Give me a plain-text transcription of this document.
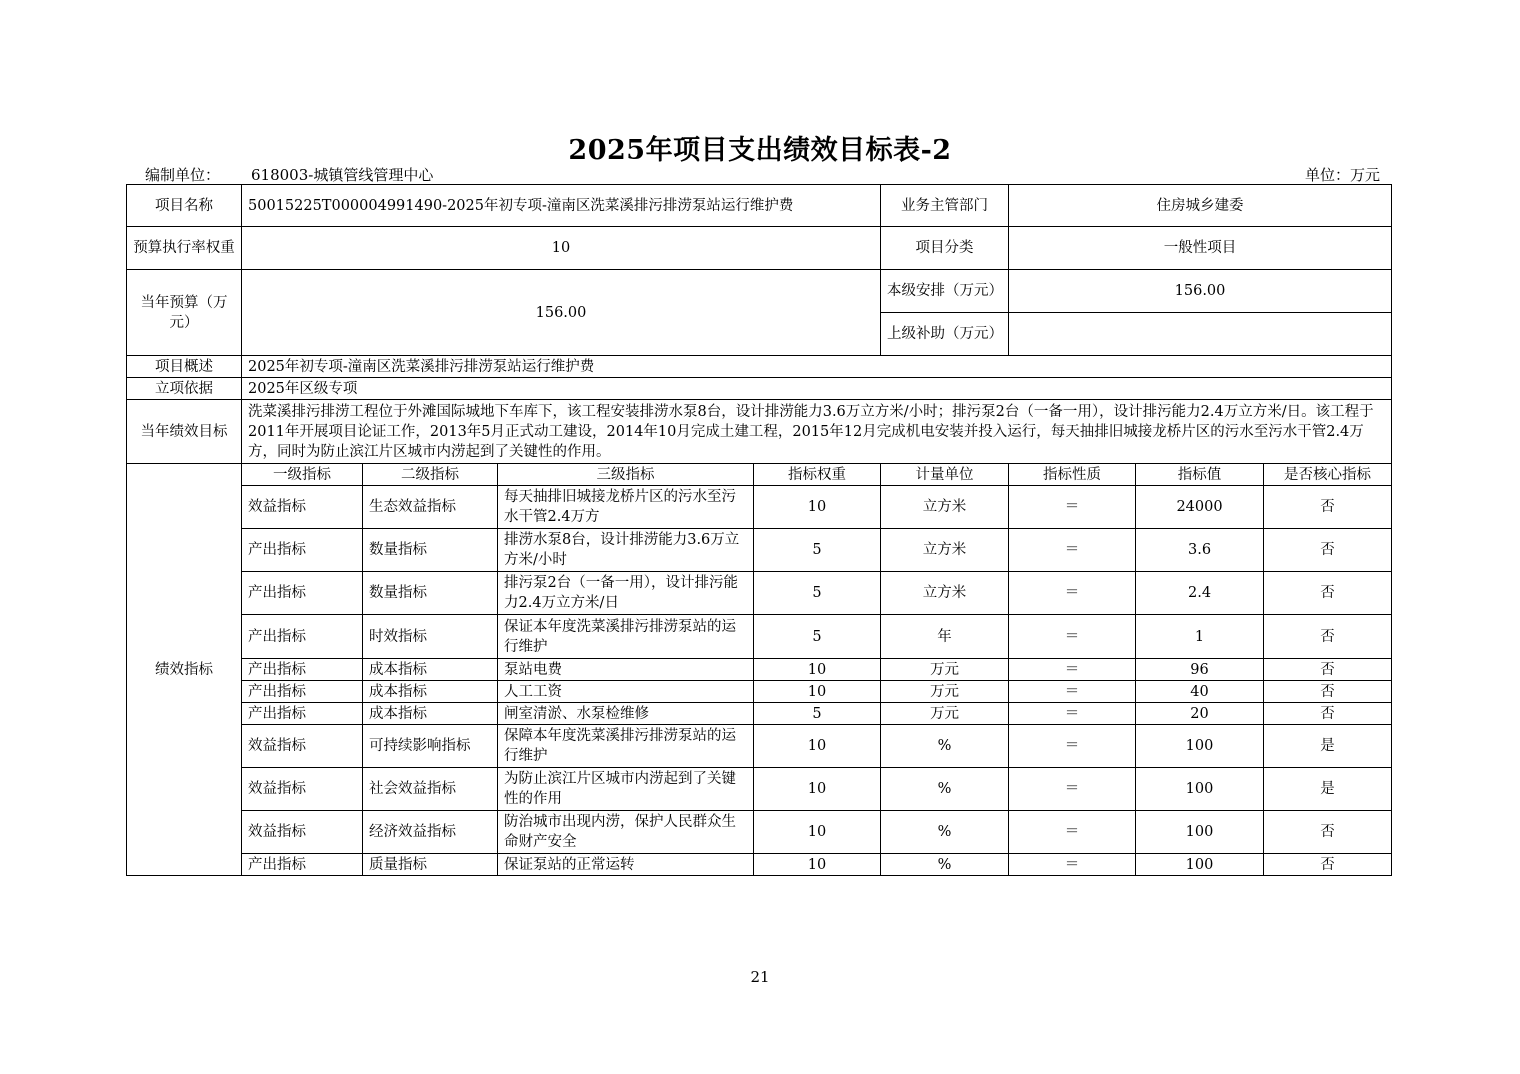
2025年项目支出绩效目标表-2
编制单位： 618003-城镇管线管理中心	单位：万元
项目名称	50015225T000004991490-2025年初专项-潼南区洗菜溪排污排涝泵站运行维护费				业务主管部门	住房城乡建委		
预算执行率权重	10				项目分类	一般性项目		
当年预算（万元）	156.00				本级安排（万元）	156.00		
					上级补助（万元）			
项目概述	2025年初专项-潼南区洗菜溪排污排涝泵站运行维护费							
立项依据	2025年区级专项							
当年绩效目标	洗菜溪排污排涝工程位于外滩国际城地下车库下，该工程安装排涝水泵8台，设计排涝能力3.6万立方米/小时；排污泵2台（一备一用），设计排污能力2.4万立方米/日。该工程于2011年开展项目论证工作，2013年5月正式动工建设，2014年10月完成土建工程，2015年12月完成机电安装并投入运行，每天抽排旧城接龙桥片区的污水至污水干管2.4万方，同时为防止滨江片区城市内涝起到了关键性的作用。							
绩效指标	一级指标	二级指标	三级指标	指标权重	计量单位	指标性质	指标值	是否核心指标
	效益指标	生态效益指标	每天抽排旧城接龙桥片区的污水至污水干管2.4万方	10	立方米	＝	24000	否
	产出指标	数量指标	排涝水泵8台，设计排涝能力3.6万立方米/小时	5	立方米	＝	3.6	否
	产出指标	数量指标	排污泵2台（一备一用），设计排污能力2.4万立方米/日	5	立方米	＝	2.4	否
	产出指标	时效指标	保证本年度洗菜溪排污排涝泵站的运行维护	5	年	＝	1	否
	产出指标	成本指标	泵站电费	10	万元	＝	96	否
	产出指标	成本指标	人工工资	10	万元	＝	40	否
	产出指标	成本指标	闸室清淤、水泵检维修	5	万元	＝	20	否
	效益指标	可持续影响指标	保障本年度洗菜溪排污排涝泵站的运行维护	10	%	＝	100	是
	效益指标	社会效益指标	为防止滨江片区城市内涝起到了关键性的作用	10	%	＝	100	是
	效益指标	经济效益指标	防治城市出现内涝，保护人民群众生命财产安全	10	%	＝	100	否
	产出指标	质量指标	保证泵站的正常运转	10	%	＝	100	否
21
